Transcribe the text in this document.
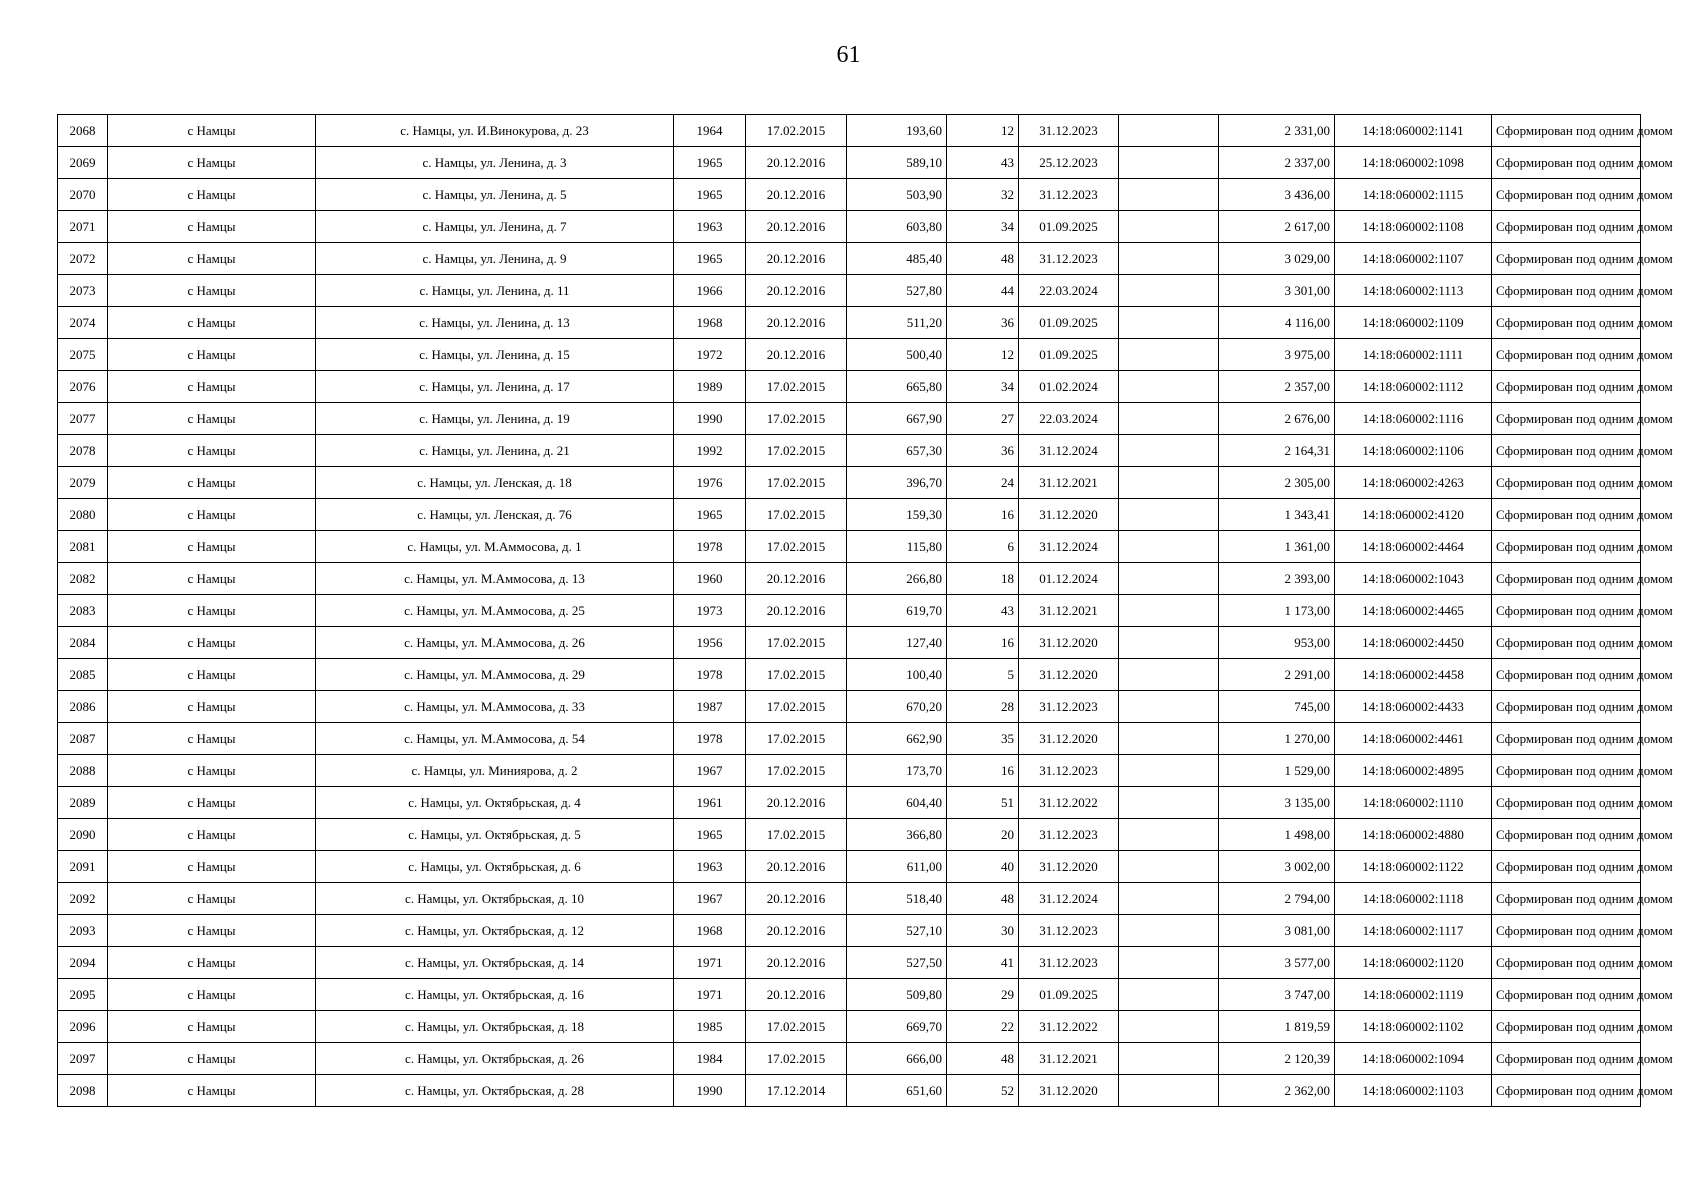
61
2068	с Намцы	с. Намцы, ул. И.Винокурова, д. 23	1964	17.02.2015	193,60	12	31.12.2023		2 331,00	14:18:060002:1141	Сформирован под одним домом
2069	с Намцы	с. Намцы, ул. Ленина, д. 3	1965	20.12.2016	589,10	43	25.12.2023		2 337,00	14:18:060002:1098	Сформирован под одним домом
2070	с Намцы	с. Намцы, ул. Ленина, д. 5	1965	20.12.2016	503,90	32	31.12.2023		3 436,00	14:18:060002:1115	Сформирован под одним домом
2071	с Намцы	с. Намцы, ул. Ленина, д. 7	1963	20.12.2016	603,80	34	01.09.2025		2 617,00	14:18:060002:1108	Сформирован под одним домом
2072	с Намцы	с. Намцы, ул. Ленина, д. 9	1965	20.12.2016	485,40	48	31.12.2023		3 029,00	14:18:060002:1107	Сформирован под одним домом
2073	с Намцы	с. Намцы, ул. Ленина, д. 11	1966	20.12.2016	527,80	44	22.03.2024		3 301,00	14:18:060002:1113	Сформирован под одним домом
2074	с Намцы	с. Намцы, ул. Ленина, д. 13	1968	20.12.2016	511,20	36	01.09.2025		4 116,00	14:18:060002:1109	Сформирован под одним домом
2075	с Намцы	с. Намцы, ул. Ленина, д. 15	1972	20.12.2016	500,40	12	01.09.2025		3 975,00	14:18:060002:1111	Сформирован под одним домом
2076	с Намцы	с. Намцы, ул. Ленина, д. 17	1989	17.02.2015	665,80	34	01.02.2024		2 357,00	14:18:060002:1112	Сформирован под одним домом
2077	с Намцы	с. Намцы, ул. Ленина, д. 19	1990	17.02.2015	667,90	27	22.03.2024		2 676,00	14:18:060002:1116	Сформирован под одним домом
2078	с Намцы	с. Намцы, ул. Ленина, д. 21	1992	17.02.2015	657,30	36	31.12.2024		2 164,31	14:18:060002:1106	Сформирован под одним домом
2079	с Намцы	с. Намцы, ул. Ленская, д. 18	1976	17.02.2015	396,70	24	31.12.2021		2 305,00	14:18:060002:4263	Сформирован под одним домом
2080	с Намцы	с. Намцы, ул. Ленская, д. 76	1965	17.02.2015	159,30	16	31.12.2020		1 343,41	14:18:060002:4120	Сформирован под одним домом
2081	с Намцы	с. Намцы, ул. М.Аммосова, д. 1	1978	17.02.2015	115,80	6	31.12.2024		1 361,00	14:18:060002:4464	Сформирован под одним домом
2082	с Намцы	с. Намцы, ул. М.Аммосова, д. 13	1960	20.12.2016	266,80	18	01.12.2024		2 393,00	14:18:060002:1043	Сформирован под одним домом
2083	с Намцы	с. Намцы, ул. М.Аммосова, д. 25	1973	20.12.2016	619,70	43	31.12.2021		1 173,00	14:18:060002:4465	Сформирован под одним домом
2084	с Намцы	с. Намцы, ул. М.Аммосова, д. 26	1956	17.02.2015	127,40	16	31.12.2020		953,00	14:18:060002:4450	Сформирован под одним домом
2085	с Намцы	с. Намцы, ул. М.Аммосова, д. 29	1978	17.02.2015	100,40	5	31.12.2020		2 291,00	14:18:060002:4458	Сформирован под одним домом
2086	с Намцы	с. Намцы, ул. М.Аммосова, д. 33	1987	17.02.2015	670,20	28	31.12.2023		745,00	14:18:060002:4433	Сформирован под одним домом
2087	с Намцы	с. Намцы, ул. М.Аммосова, д. 54	1978	17.02.2015	662,90	35	31.12.2020		1 270,00	14:18:060002:4461	Сформирован под одним домом
2088	с Намцы	с. Намцы, ул. Миниярова, д. 2	1967	17.02.2015	173,70	16	31.12.2023		1 529,00	14:18:060002:4895	Сформирован под одним домом
2089	с Намцы	с. Намцы, ул. Октябрьская, д. 4	1961	20.12.2016	604,40	51	31.12.2022		3 135,00	14:18:060002:1110	Сформирован под одним домом
2090	с Намцы	с. Намцы, ул. Октябрьская, д. 5	1965	17.02.2015	366,80	20	31.12.2023		1 498,00	14:18:060002:4880	Сформирован под одним домом
2091	с Намцы	с. Намцы, ул. Октябрьская, д. 6	1963	20.12.2016	611,00	40	31.12.2020		3 002,00	14:18:060002:1122	Сформирован под одним домом
2092	с Намцы	с. Намцы, ул. Октябрьская, д. 10	1967	20.12.2016	518,40	48	31.12.2024		2 794,00	14:18:060002:1118	Сформирован под одним домом
2093	с Намцы	с. Намцы, ул. Октябрьская, д. 12	1968	20.12.2016	527,10	30	31.12.2023		3 081,00	14:18:060002:1117	Сформирован под одним домом
2094	с Намцы	с. Намцы, ул. Октябрьская, д. 14	1971	20.12.2016	527,50	41	31.12.2023		3 577,00	14:18:060002:1120	Сформирован под одним домом
2095	с Намцы	с. Намцы, ул. Октябрьская, д. 16	1971	20.12.2016	509,80	29	01.09.2025		3 747,00	14:18:060002:1119	Сформирован под одним домом
2096	с Намцы	с. Намцы, ул. Октябрьская, д. 18	1985	17.02.2015	669,70	22	31.12.2022		1 819,59	14:18:060002:1102	Сформирован под одним домом
2097	с Намцы	с. Намцы, ул. Октябрьская, д. 26	1984	17.02.2015	666,00	48	31.12.2021		2 120,39	14:18:060002:1094	Сформирован под одним домом
2098	с Намцы	с. Намцы, ул. Октябрьская, д. 28	1990	17.12.2014	651,60	52	31.12.2020		2 362,00	14:18:060002:1103	Сформирован под одним домом
